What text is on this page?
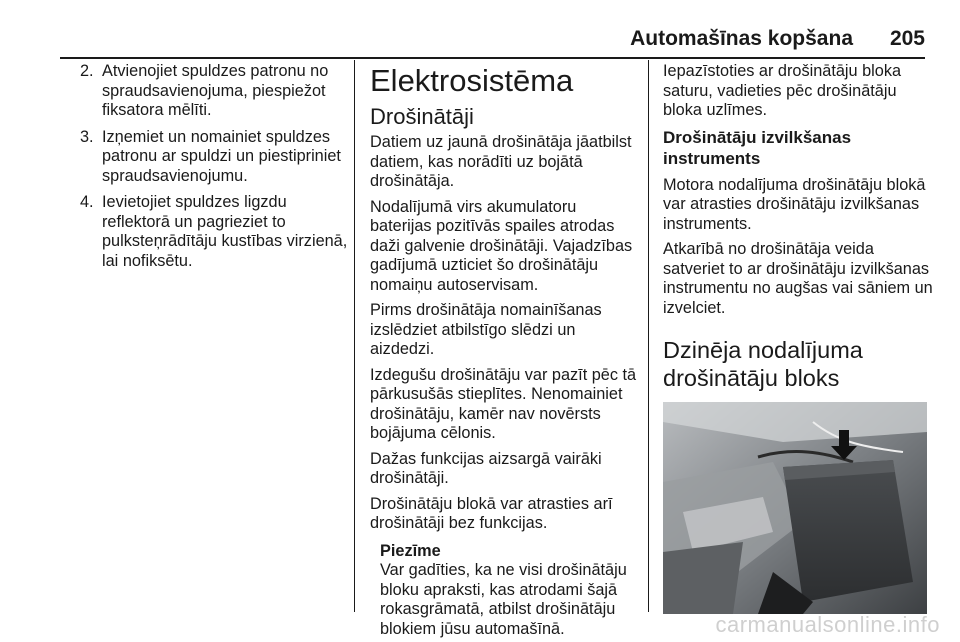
Automašīnas kopšana 205
2. Atvienojiet spuldzes patronu no spraudsavienojuma, piespiežot fiksatora mēlīti.
3. Izņemiet un nomainiet spuldzes patronu ar spuldzi un piestipriniet spraudsavienojumu.
4. Ievietojiet spuldzes ligzdu reflektorā un pagrieziet to pulksteņrādītāju kustības virzienā, lai nofiksētu.
Elektrosistēma
Drošinātāji

Datiem uz jaunā drošinātāja jāatbilst datiem, kas norādīti uz bojātā drošinātāja.

Nodalījumā virs akumulatoru baterijas pozitīvās spailes atrodas daži galvenie drošinātāji. Vajadzības gadījumā uzticiet šo drošinātāju nomaiņu autoservisam.

Pirms drošinātāja nomainīšanas izslēdziet atbilstīgo slēdzi un aizdedzi.

Izdegušu drošinātāju var pazīt pēc tā pārkusušās stieplītes. Nenomainiet drošinātāju, kamēr nav novērsts bojājuma cēlonis.

Dažas funkcijas aizsargā vairāki drošinātāji.

Drošinātāju blokā var atrasties arī drošinātāji bez funkcijas.

Piezīme
Var gadīties, ka ne visi drošinātāju bloku apraksti, kas atrodami šajā rokasgrāmatā, atbilst drošinātāju blokiem jūsu automašīnā.

Iepazīstoties ar drošinātāju bloka saturu, vadieties pēc drošinātāju bloka uzlīmes.

Drošinātāju izvilkšanas instruments

Motora nodalījuma drošinātāju blokā var atrasties drošinātāju izvilkšanas instruments.

Atkarībā no drošinātāja veida satveriet to ar drošinātāju izvilkšanas instrumentu no augšas vai sāniem un izvelciet.

Dzinēja nodalījuma drošinātāju bloks
carmanualsonline.info
